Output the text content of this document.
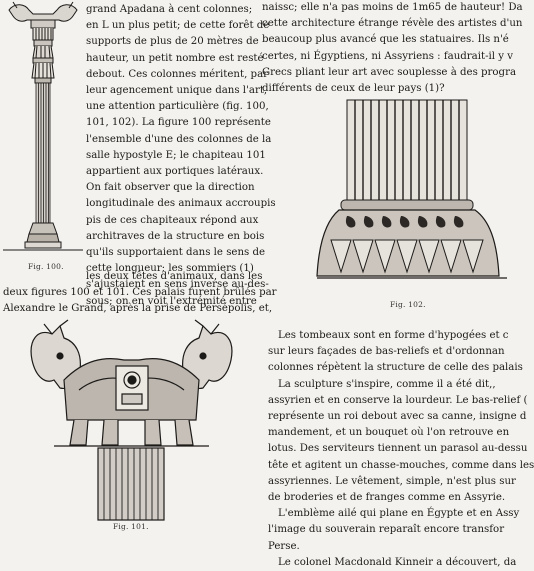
Fig. 100.
grand Apadana à cent colonnes;
en L un plus petit; de cette forêt de
supports de plus de 20 mètres de
hauteur, un petit nombre est resté
debout. Ces colonnes méritent, par
leur agencement unique dans l'art,
une attention particulière (fig. 100,
101, 102). La figure 100 représente
l'ensemble d'une des colonnes de la
salle hypostyle E; le chapiteau 101
appartient aux portiques latéraux.
On fait observer que la direction
longitudinale des animaux accroupis
pis de ces chapiteaux répond aux
architraves de la structure en bois
qu'ils supportaient dans le sens de
cette longueur; les sommiers (1)
s'ajustaient en sens inverse au-des-
sous; on en voit l'extrémité entre
les deux têtes d'animaux, dans les
deux figures 100 et 101. Ces palais furent brûlés par
Alexandre le Grand, après la prise de Persépolis, et,
Fig. 101.
naissc; elle n'a pas moins de 1m65 de hauteur! Da
cette architecture étrange révèle des artistes d'un
beaucoup plus avancé que les statuaires. Ils n'é
certes, ni Égyptiens, ni Assyriens : faudrait-il y v
Grecs pliant leur art avec souplesse à des progra
différents de ceux de leur pays (1)?
Fig. 102.
Les tombeaux sont en forme d'hypogées et c
sur leurs façades de bas-reliefs et d'ordonnan
colonnes répètent la structure de celle des palais
La sculpture s'inspire, comme il a été dit,,
assyrien et en conserve la lourdeur. Le bas-relief (
représente un roi debout avec sa canne, insigne d
mandement, et un bouquet où l'on retrouve en
lotus. Des serviteurs tiennent un parasol au-dessu
tête et agitent un chasse-mouches, comme dans les
assyriennes. Le vêtement, simple, n'est plus sur
de broderies et de franges comme en Assyrie.
L'emblème ailé qui plane en Égypte et en Assy
l'image du souverain reparaît encore transfor
Perse.
Le colonel Macdonald Kinneir a découvert, da
